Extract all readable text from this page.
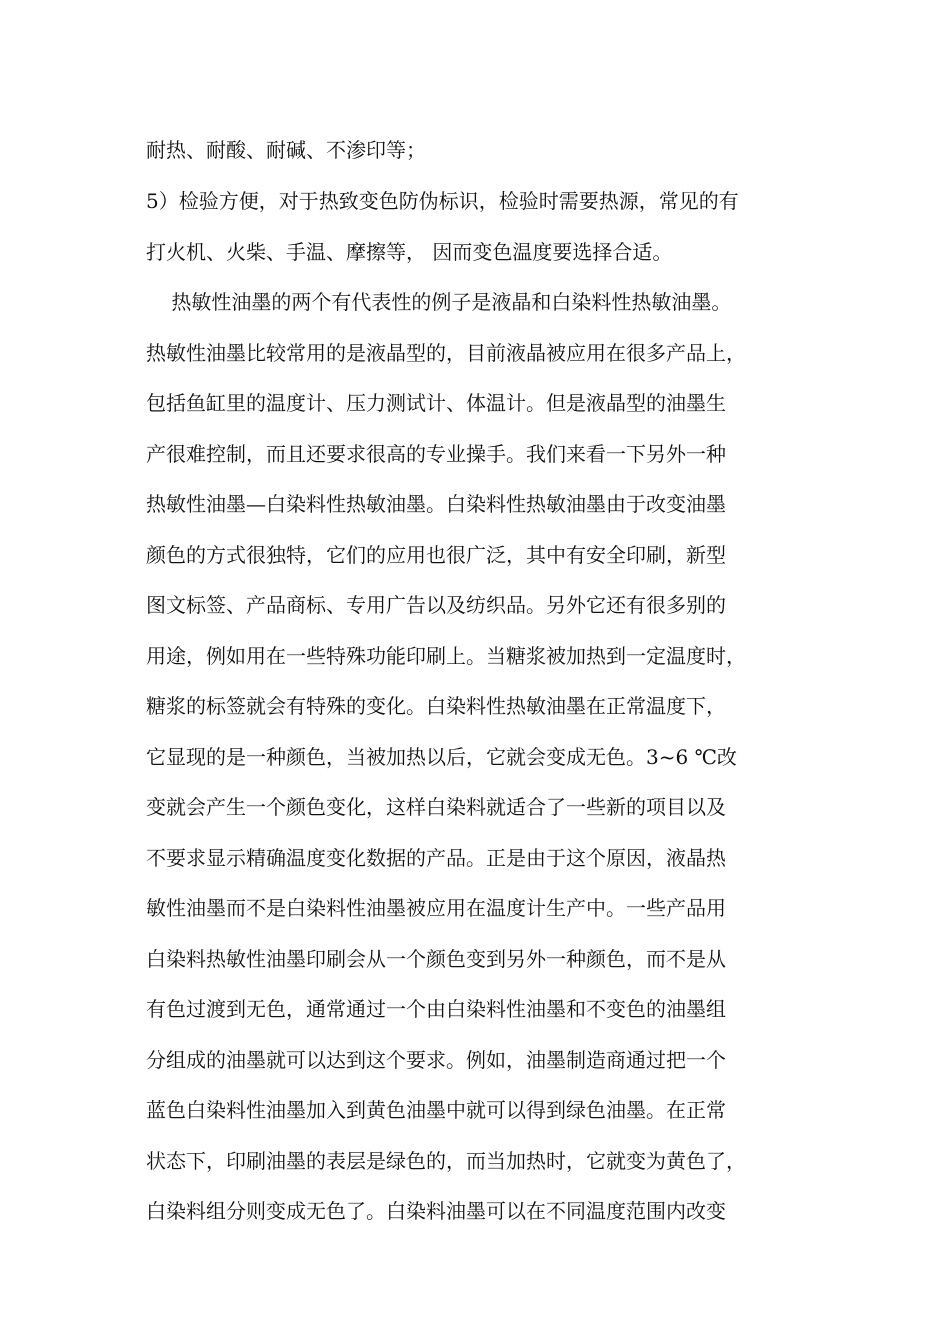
耐热、耐酸、耐碱、不渗印等；
5）检验方便，对于热致变色防伪标识，检验时需要热源，常见的有
打火机、火柴、手温、摩擦等， 因而变色温度要选择合适。
热敏性油墨的两个有代表性的例子是液晶和白染料性热敏油墨。
热敏性油墨比较常用的是液晶型的，目前液晶被应用在很多产品上，
包括鱼缸里的温度计、压力测试计、体温计。但是液晶型的油墨生
产很难控制，而且还要求很高的专业操手。我们来看一下另外一种
热敏性油墨—白染料性热敏油墨。白染料性热敏油墨由于改变油墨
颜色的方式很独特，它们的应用也很广泛，其中有安全印刷，新型
图文标签、产品商标、专用广告以及纺织品。另外它还有很多别的
用途，例如用在一些特殊功能印刷上。当糖浆被加热到一定温度时，
糖浆的标签就会有特殊的变化。白染料性热敏油墨在正常温度下，
它显现的是一种颜色，当被加热以后，它就会变成无色。3~6 ℃改
变就会产生一个颜色变化，这样白染料就适合了一些新的项目以及
不要求显示精确温度变化数据的产品。正是由于这个原因，液晶热
敏性油墨而不是白染料性油墨被应用在温度计生产中。一些产品用
白染料热敏性油墨印刷会从一个颜色变到另外一种颜色，而不是从
有色过渡到无色，通常通过一个由白染料性油墨和不变色的油墨组
分组成的油墨就可以达到这个要求。例如，油墨制造商通过把一个
蓝色白染料性油墨加入到黄色油墨中就可以得到绿色油墨。在正常
状态下，印刷油墨的表层是绿色的，而当加热时，它就变为黄色了，
白染料组分则变成无色了。白染料油墨可以在不同温度范围内改变
